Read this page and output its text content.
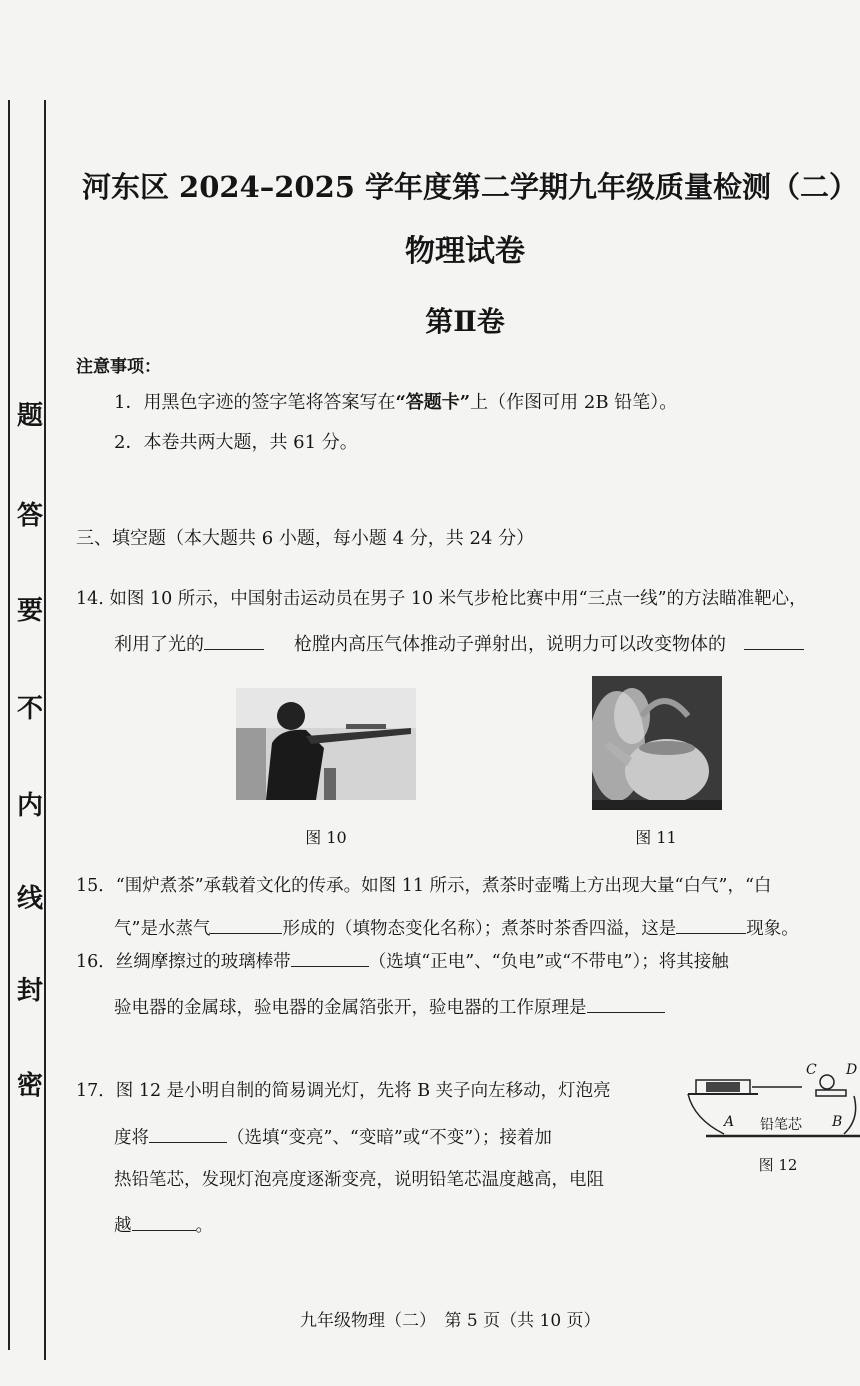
题
答
要
不
内
线
封
密
河东区 2024–2025 学年度第二学期九年级质量检测（二）
物理试卷
第Ⅱ卷
注意事项：
1．用黑色字迹的签字笔将答案写在“答题卡”上（作图可用 2B 铅笔）。
2．本卷共两大题，共 61 分。
三、填空题（本大题共 6 小题，每小题 4 分，共 24 分）
14. 如图 10 所示，中国射击运动员在男子 10 米气步枪比赛中用“三点一线”的方法瞄准靶心，
利用了光的	枪膛内高压气体推动子弹射出，说明力可以改变物体的
图 10	图 11
15．“围炉煮茶”承载着文化的传承。如图 11 所示，煮茶时壶嘴上方出现大量“白气”，“白
气”是水蒸气	形成的（填物态变化名称）；煮茶时茶香四溢，这是	现象。
16．丝绸摩擦过的玻璃棒带	（选填“正电”、“负电”或“不带电”）；将其接触
验电器的金属球，验电器的金属箔张开，验电器的工作原理是
17．图 12 是小明自制的简易调光灯，先将 B 夹子向左移动，灯泡亮
度将	（选填“变亮”、“变暗”或“不变”）；接着加
热铅笔芯，发现灯泡亮度逐渐变亮，说明铅笔芯温度越高，电阻
越	。
C D
A 铅笔芯 B
图 12
九年级物理（二）　第 5 页（共 10 页）
